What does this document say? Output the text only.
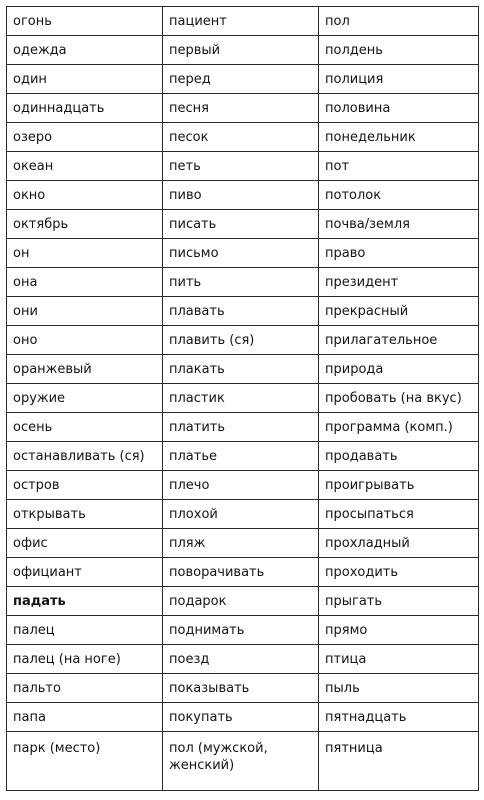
огонь	пациент	пол
одежда	первый	полдень
один	перед	полиция
одиннадцать	песня	половина
озеро	песок	понедельник
океан	петь	пот
окно	пиво	потолок
октябрь	писать	почва/земля
он	письмо	право
она	пить	президент
они	плавать	прекрасный
оно	плавить (ся)	прилагательное
оранжевый	плакать	природа
оружие	пластик	пробовать (на вкус)
осень	платить	программа (комп.)
останавливать (ся)	платье	продавать
остров	плечо	проигрывать
открывать	плохой	просыпаться
офис	пляж	прохладный
официант	поворачивать	проходить
падать	подарок	прыгать
палец	поднимать	прямо
палец (на ноге)	поезд	птица
пальто	показывать	пыль
папа	покупать	пятнадцать
парк (место)	пол (мужской, женский)	пятница
